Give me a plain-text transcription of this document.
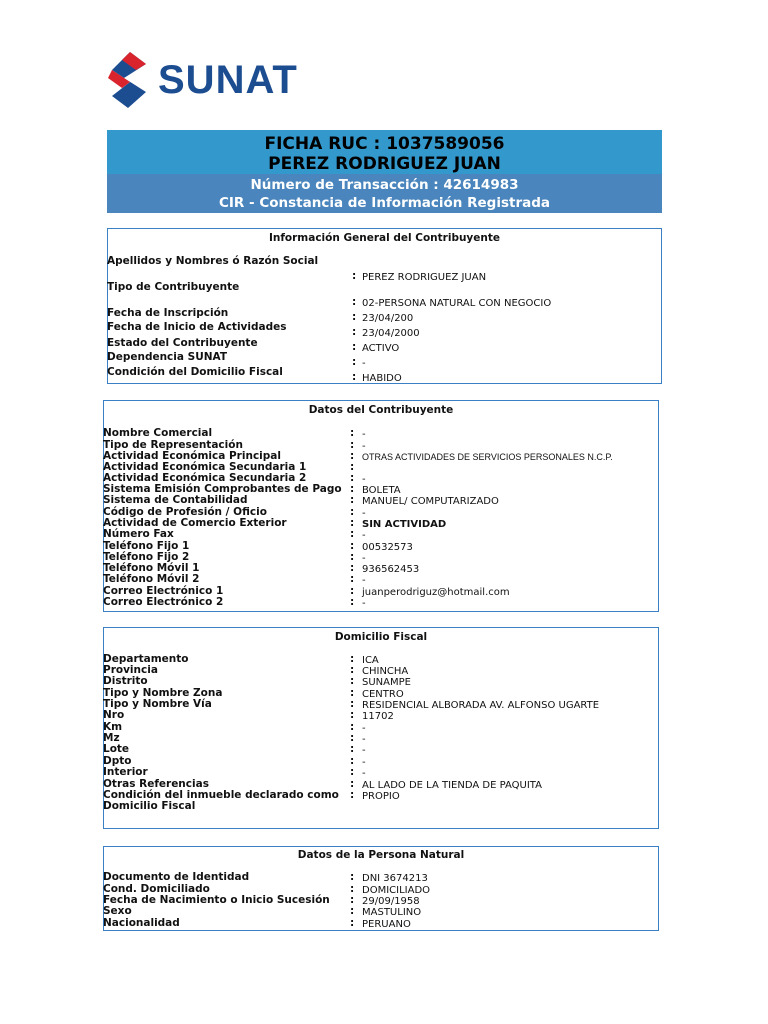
SUNAT
FICHA RUC : 1037589056
PEREZ RODRIGUEZ JUAN
Número de Transacción : 42614983
CIR - Constancia de Información Registrada
Información General del Contribuyente
Apellidos y Nombres ó Razón Social
: PEREZ RODRIGUEZ JUAN
Tipo de Contribuyente
: 02-PERSONA NATURAL CON NEGOCIO
Fecha de Inscripción	: 23/04/200
Fecha de Inicio de Actividades	: 23/04/2000
Estado del Contribuyente	: ACTIVO
Dependencia SUNAT	: -
Condición del Domicilio Fiscal	: HABIDO
Datos del Contribuyente
Nombre Comercial	: -
Tipo de Representación	: -
Actividad Económica Principal	: OTRAS ACTIVIDADES DE SERVICIOS PERSONALES N.C.P.
Actividad Económica Secundaria 1	:
Actividad Económica Secundaria 2	: -
Sistema Emisión Comprobantes de Pago : BOLETA
Sistema de Contabilidad	: MANUEL/ COMPUTARIZADO
Código de Profesión / Oficio	: -
Actividad de Comercio Exterior	: SIN ACTIVIDAD
Número Fax	: -
Teléfono Fijo 1	: 00532573
Teléfono Fijo 2	: -
Teléfono Móvil 1	: 936562453
Teléfono Móvil 2	: -
Correo Electrónico 1	: juanperodriguz@hotmail.com
Correo Electrónico 2	: -
Domicilio Fiscal
Departamento	: ICA
Provincia	: CHINCHA
Distrito	: SUNAMPE
Tipo y Nombre Zona	: CENTRO
Tipo y Nombre Vía	: RESIDENCIAL ALBORADA AV. ALFONSO UGARTE
Nro	: 11702
Km	: -
Mz	: -
Lote	: -
Dpto	: -
Interior	: -
Otras Referencias	: AL LADO DE LA TIENDA DE PAQUITA
Condición del inmueble declarado como : PROPIO
Domicilio Fiscal
Datos de la Persona Natural
Documento de Identidad	: DNI 3674213
Cond. Domiciliado	: DOMICILIADO
Fecha de Nacimiento o Inicio Sucesión : 29/09/1958
Sexo	: MASTULINO
Nacionalidad	: PERUANO
